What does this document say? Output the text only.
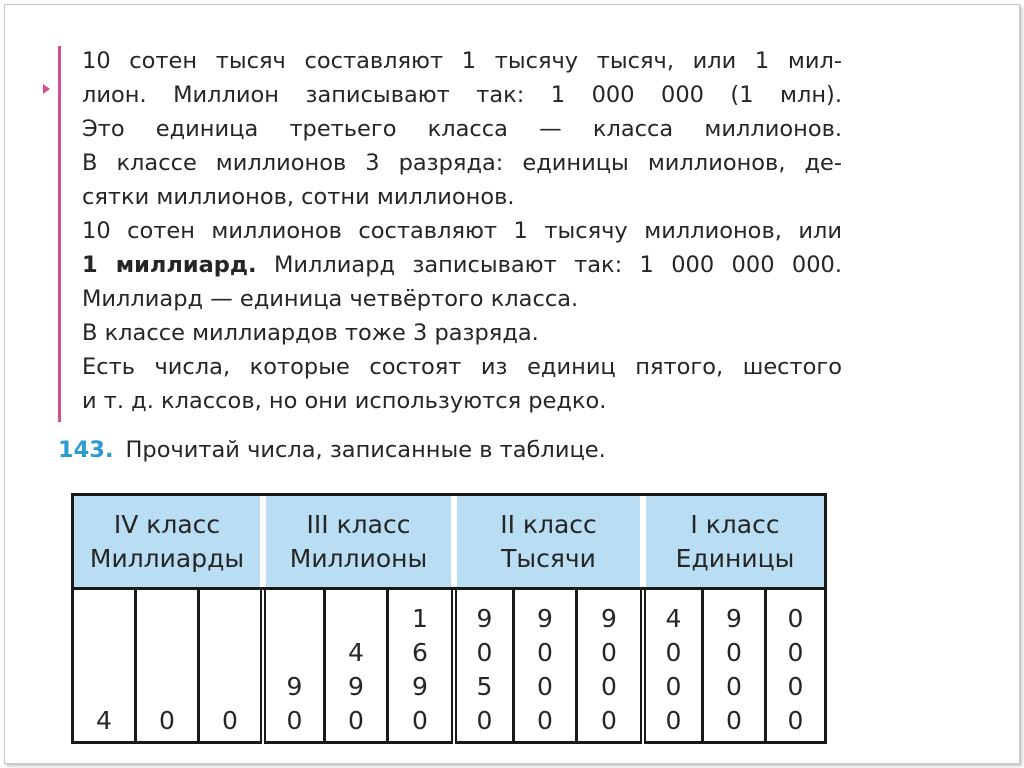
10 сотен тысяч составляют 1 тысячу тысяч, или 1 мил-
лион. Миллион записывают так: 1 000 000 (1 млн).
Это единица третьего класса — класса миллионов.
В классе миллионов 3 разряда: единицы миллионов, де-
сятки миллионов, сотни миллионов.
10 сотен миллионов составляют 1 тысячу миллионов, или
1 миллиард. Миллиард записывают так: 1 000 000 000.
Миллиард — единица четвёртого класса.
В классе миллиардов тоже 3 разряда.
Есть числа, которые состоят из единиц пятого, шестого
и т. д. классов, но они используются редко.
143. Прочитай числа, записанные в таблице.
IV класс
Миллиарды
III класс
Миллионы
II класс
Тысячи
I класс
Единицы
4	0	0
9
0
4
9
0
1
6
9
0
9
0
5
0
9
0
0
0
9
0
0
0
4
0
0
0
9
0
0
0
0
0
0
0
